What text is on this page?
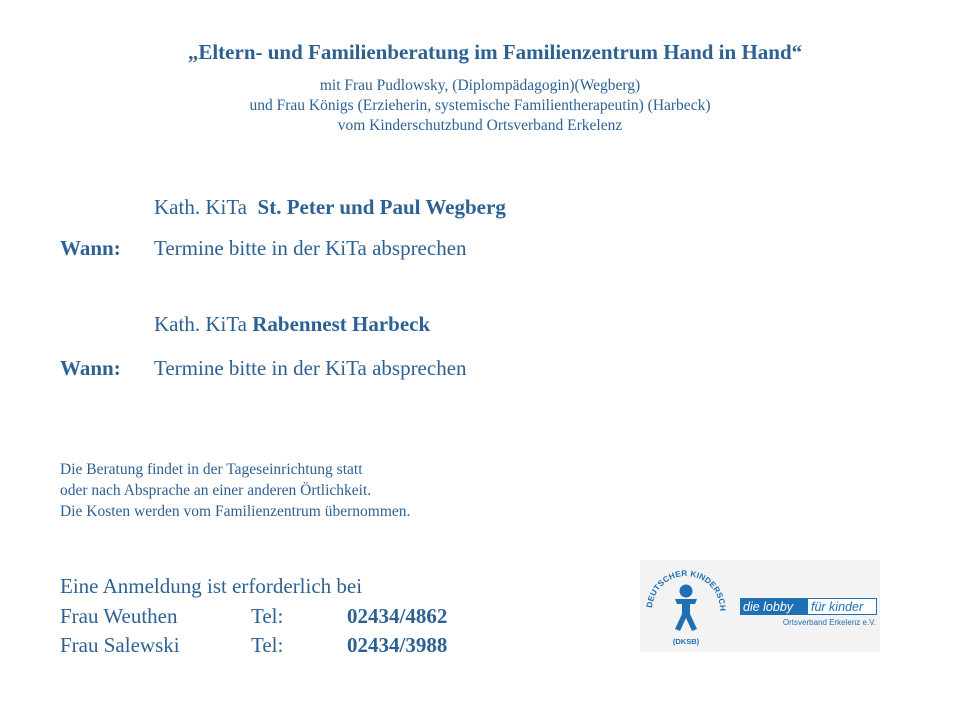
„Eltern- und Familienberatung im Familienzentrum Hand in Hand“
mit Frau Pudlowsky, (Diplompädagogin)(Wegberg)
und Frau Königs (Erzieherin, systemische Familientherapeutin) (Harbeck)
vom Kinderschutzbund Ortsverband Erkelenz
Kath. KiTa St. Peter und Paul Wegberg
Wann: Termine bitte in der KiTa absprechen
Kath. KiTa Rabennest Harbeck
Wann: Termine bitte in der KiTa absprechen
Die Beratung findet in der Tageseinrichtung statt
oder nach Absprache an einer anderen Örtlichkeit.
Die Kosten werden vom Familienzentrum übernommen.
Eine Anmeldung ist erforderlich bei
Frau Weuthen	Tel:	02434/4862
Frau Salewski	Tel:	02434/3988
DEUTSCHER KINDERSCH
(DKSB)
die lobby für kinder
Ortsverband Erkelenz e.V.
